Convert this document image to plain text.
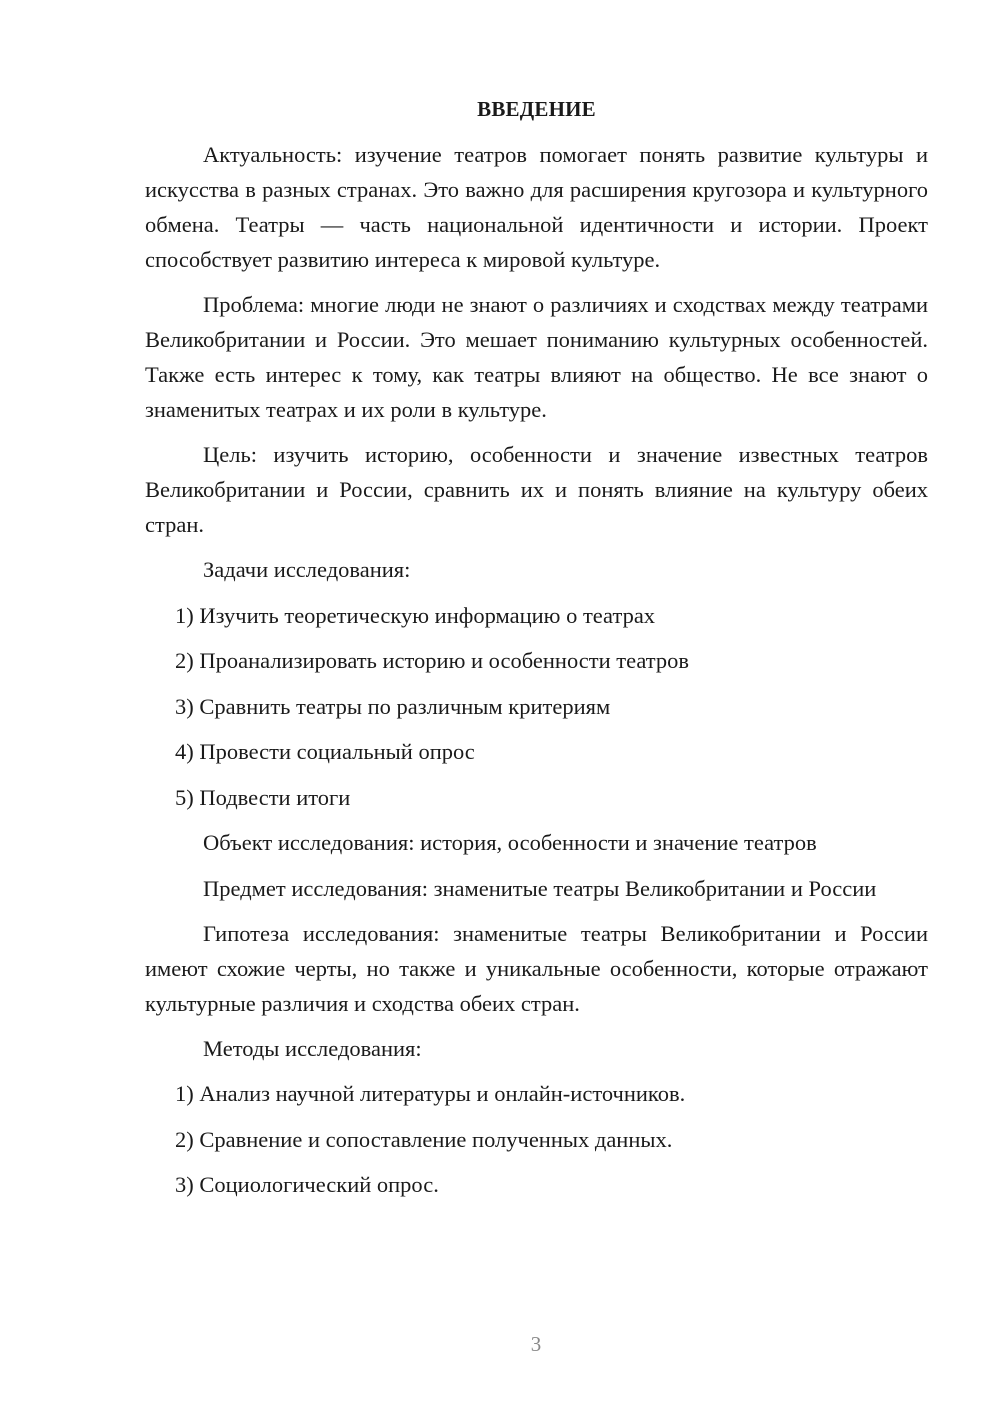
ВВЕДЕНИЕ
Актуальность: изучение театров помогает понять развитие культуры и искусства в разных странах. Это важно для расширения кругозора и культурного обмена. Театры — часть национальной идентичности и истории. Проект способствует развитию интереса к мировой культуре.
Проблема: многие люди не знают о различиях и сходствах между театрами Великобритании и России. Это мешает пониманию культурных особенностей. Также есть интерес к тому, как театры влияют на общество. Не все знают о знаменитых театрах и их роли в культуре.
Цель: изучить историю, особенности и значение известных театров Великобритании и России, сравнить их и понять влияние на культуру обеих стран.
Задачи исследования:
1) Изучить теоретическую информацию о театрах
2) Проанализировать историю и особенности театров
3) Сравнить театры по различным критериям
4) Провести социальный опрос
5) Подвести итоги
Объект исследования: история, особенности и значение театров
Предмет исследования: знаменитые театры Великобритании и России
Гипотеза исследования: знаменитые театры Великобритании и России имеют схожие черты, но также и уникальные особенности, которые отражают культурные различия и сходства обеих стран.
Методы исследования:
1) Анализ научной литературы и онлайн-источников.
2) Сравнение и сопоставление полученных данных.
3) Социологический опрос.
3
